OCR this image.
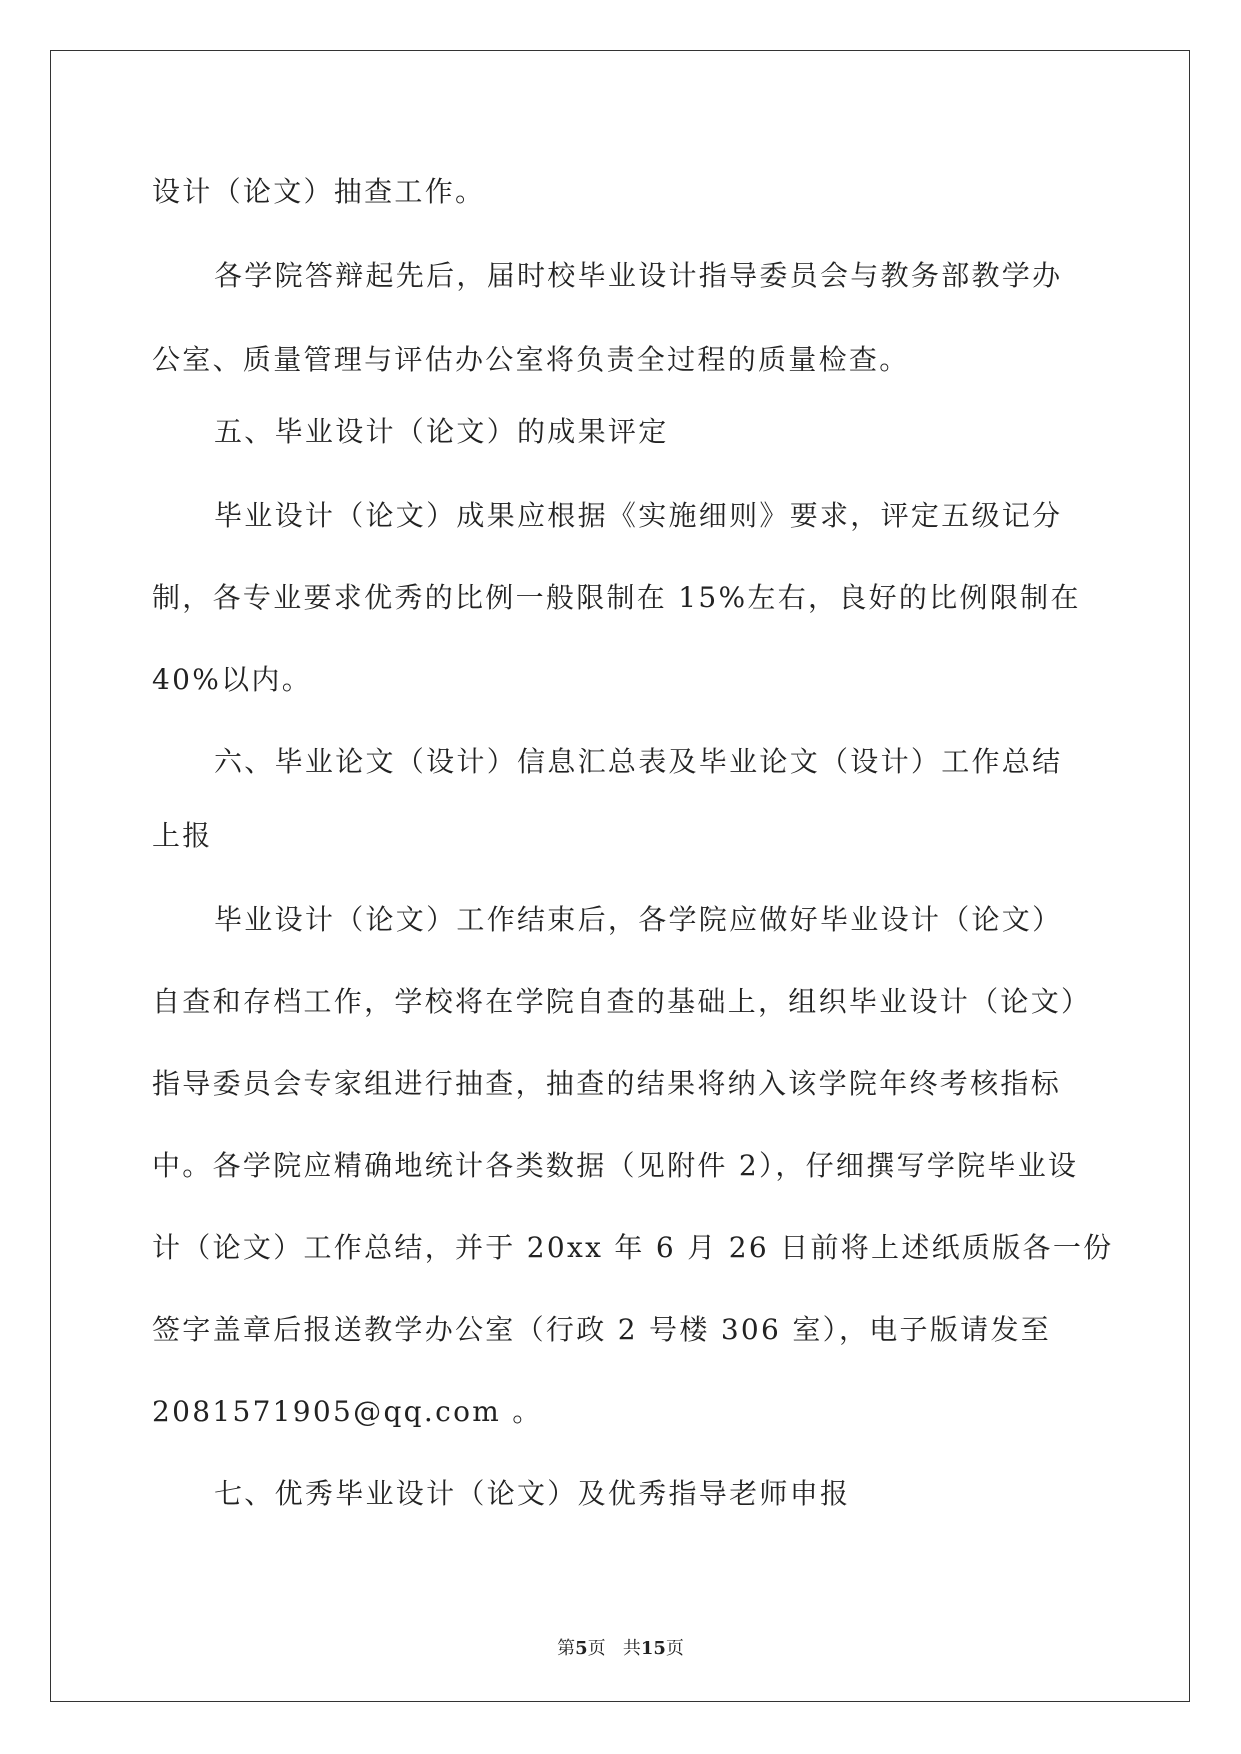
设计（论文）抽查工作。
各学院答辩起先后，届时校毕业设计指导委员会与教务部教学办
公室、质量管理与评估办公室将负责全过程的质量检查。
五、毕业设计（论文）的成果评定
毕业设计（论文）成果应根据《实施细则》要求，评定五级记分
制，各专业要求优秀的比例一般限制在 15%左右，良好的比例限制在
40%以内。
六、毕业论文（设计）信息汇总表及毕业论文（设计）工作总结
上报
毕业设计（论文）工作结束后，各学院应做好毕业设计（论文）
自查和存档工作，学校将在学院自查的基础上，组织毕业设计（论文）
指导委员会专家组进行抽查，抽查的结果将纳入该学院年终考核指标
中。各学院应精确地统计各类数据（见附件 2），仔细撰写学院毕业设
计（论文）工作总结，并于 20xx 年 6 月 26 日前将上述纸质版各一份
签字盖章后报送教学办公室（行政 2 号楼 306 室），电子版请发至
2081571905@qq.com 。
七、优秀毕业设计（论文）及优秀指导老师申报
第5页 共15页
